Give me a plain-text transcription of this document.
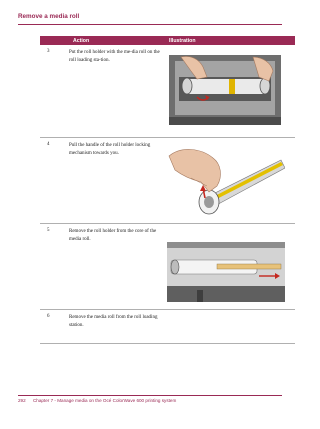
Remove a media roll
	Action	Illustration
3	Put the roll holder with the me-dia roll on the roll loading sta-tion.	

4	Pull the handle of the roll holder locking mechanism towards you.	

5	Remove the roll holder from the core of the media roll.	

6	Remove the media roll from the roll loading station.	
292 Chapter 7 - Manage media on the Océ ColorWave 600 printing system
